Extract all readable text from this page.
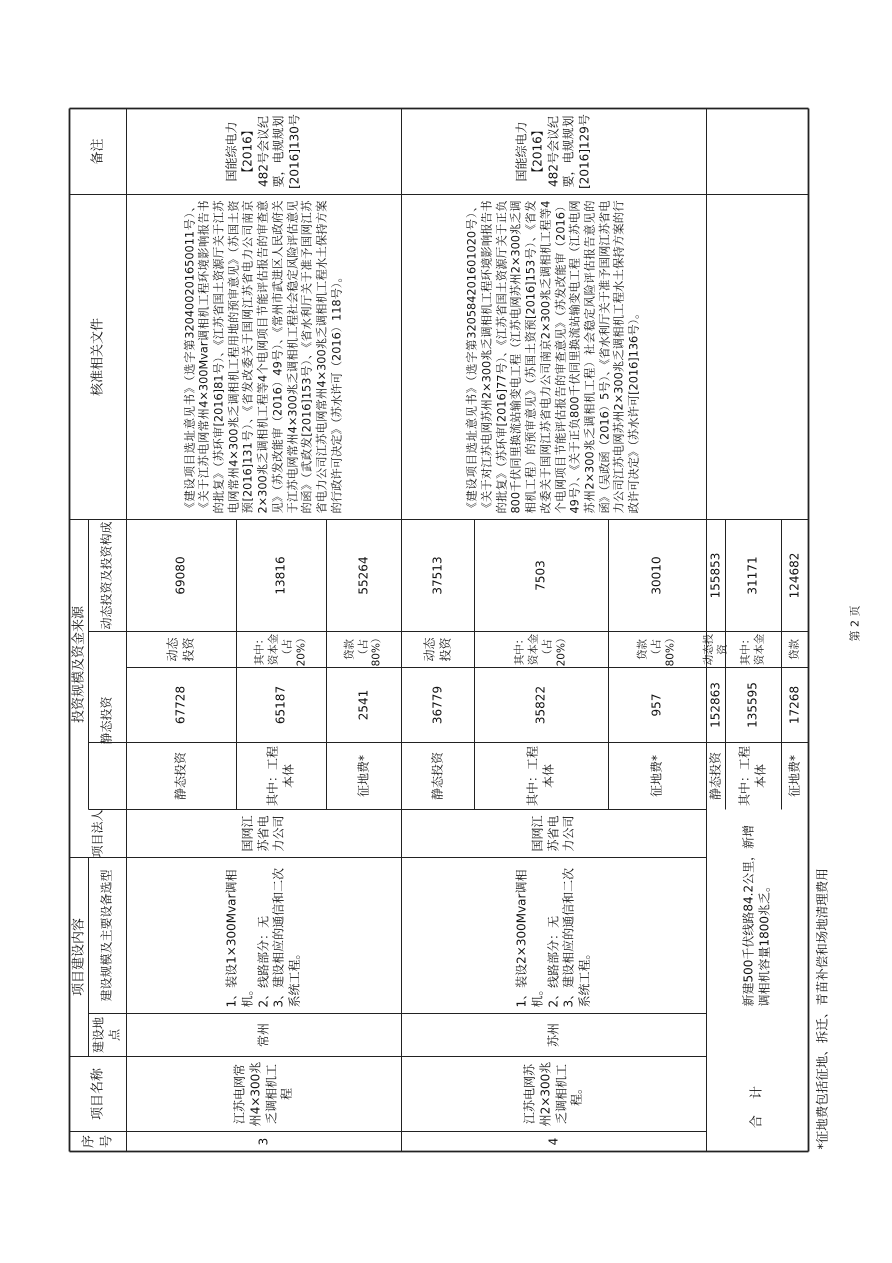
序号
项目名称
项目建设内容
建设地点
建设规模及主要设备选型
项目法人
投资规模及资金来源	静态投资
动态投资及投资构成
核准相关文件
备注
3
江苏电网常州4×300兆乏调相机工程
常州
1、装设1×300Mvar调相机。
2、线路部分：无
3、建设相应的通信和二次系统工程。
国网江苏省电力公司
静态投资
67728
动态投资
69080
其中：工程本体
65187
其中：资本金（占20%）
13816
征地费*
2541
贷款（占80%）
55264
《建设项目选址意见书》（选字第320400201650011号）、《关于江苏电网常州4×300Mvar调相机工程环境影响报告书的批复》（苏环审[2016]81号）、《江苏省国土资源厅关于江苏电网常州4×300兆乏调相机工程用地的预审意见》（苏国土资预[2016]131号）、《省发改委关于国网江苏省电力公司南京2×300兆乏调相机工程等4个电网项目节能评估报告的审查意见》（苏发改能审（2016）49号）、《常州市武进区人民政府关于江苏电网常州4×300兆乏调相机工程社会稳定风险评估意见的函》（武政发[2016]153号）、《省水利厅关于准予国网江苏省电力公司江苏电网常州4×300兆乏调相机工程水土保持方案的行政许可决定》（苏水许可（2016）118号）。
国能综电力【2016】482号会议纪要，电规规划[2016]130号
4
江苏电网苏州2×300兆乏调相机工程。
苏州
1、装设2×300Mvar调相机。
2、线路部分：无
3、建设相应的通信和二次系统工程。
国网江苏省电力公司
静态投资
36779
动态投资
37513
其中：工程本体
35822
其中：资本金（占20%）
7503
征地费*
957
贷款（占80%）
30010
《建设项目选址意见书》（选字第320584201601020号）、《关于对江苏电网苏州2×300兆乏调相机工程环境影响报告书的批复》（苏环审[2016]77号）、《江苏省国土资源厅关于正负800千伏同里换流站输变电工程（江苏电网苏州2×300兆乏调相机工程）的预审意见》（苏国土资预[2016]153号）、《省发改委关于国网江苏省电力公司南京2×300兆乏调相机工程等4个电网项目节能评估报告的审查意见》（苏发改能审（2016）49号）、《关于正负800千伏同里换流站输变电工程（江苏电网苏州2×300兆乏调相机工程）社会稳定风险评估报告意见的函》（吴政函（2016）5号）、《省水利厅关于准予国网江苏省电力公司江苏电网苏州2×300兆乏调相机工程水土保持方案的行政许可决定》（苏水许可[2016]136号）。
国能综电力【2016】482号会议纪要，电规规划[2016]129号
合 计
新建500千伏线路84.2公里，新增调相机容量1800兆乏。
静态投资
152863
动态投资
155853
其中：工程本体
135595
其中：资本金
31171
征地费*
17268
贷款
124682
*征地费包括征地、拆迁、青苗补偿和场地清理费用
第 2 页
